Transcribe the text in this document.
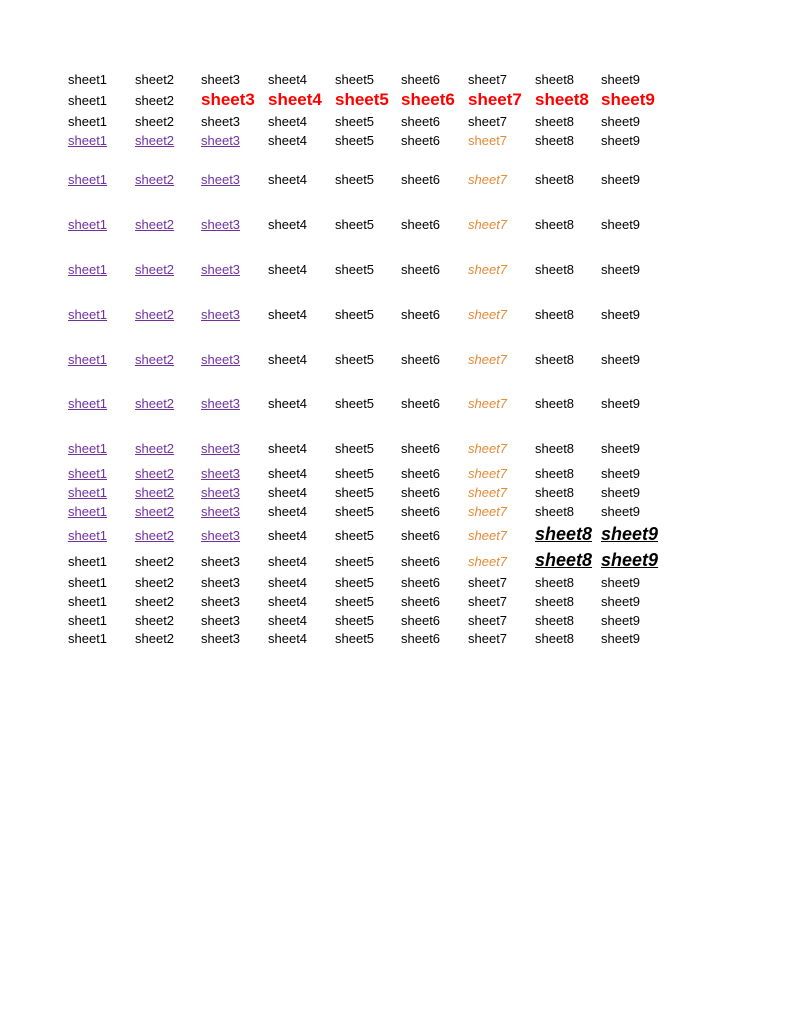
sheet1 sheet2 sheet3 sheet4 sheet5 sheet6 sheet7 sheet8 sheet9
sheet1 sheet2 sheet3 sheet4 sheet5 sheet6 sheet7 sheet8 sheet9
sheet1 sheet2 sheet3 sheet4 sheet5 sheet6 sheet7 sheet8 sheet9
sheet1 sheet2 sheet3 sheet4 sheet5 sheet6 sheet7 sheet8 sheet9
sheet1 sheet2 sheet3 sheet4 sheet5 sheet6 sheet7 sheet8 sheet9
sheet1 sheet2 sheet3 sheet4 sheet5 sheet6 sheet7 sheet8 sheet9
sheet1 sheet2 sheet3 sheet4 sheet5 sheet6 sheet7 sheet8 sheet9
sheet1 sheet2 sheet3 sheet4 sheet5 sheet6 sheet7 sheet8 sheet9
sheet1 sheet2 sheet3 sheet4 sheet5 sheet6 sheet7 sheet8 sheet9
sheet1 sheet2 sheet3 sheet4 sheet5 sheet6 sheet7 sheet8 sheet9
sheet1 sheet2 sheet3 sheet4 sheet5 sheet6 sheet7 sheet8 sheet9
sheet1 sheet2 sheet3 sheet4 sheet5 sheet6 sheet7 sheet8 sheet9
sheet1 sheet2 sheet3 sheet4 sheet5 sheet6 sheet7 sheet8 sheet9
sheet1 sheet2 sheet3 sheet4 sheet5 sheet6 sheet7 sheet8 sheet9
sheet1 sheet2 sheet3 sheet4 sheet5 sheet6 sheet7 sheet8 sheet9
sheet1 sheet2 sheet3 sheet4 sheet5 sheet6 sheet7 sheet8 sheet9
sheet1 sheet2 sheet3 sheet4 sheet5 sheet6 sheet7 sheet8 sheet9
sheet1 sheet2 sheet3 sheet4 sheet5 sheet6 sheet7 sheet8 sheet9
sheet1 sheet2 sheet3 sheet4 sheet5 sheet6 sheet7 sheet8 sheet9
sheet1 sheet2 sheet3 sheet4 sheet5 sheet6 sheet7 sheet8 sheet9
